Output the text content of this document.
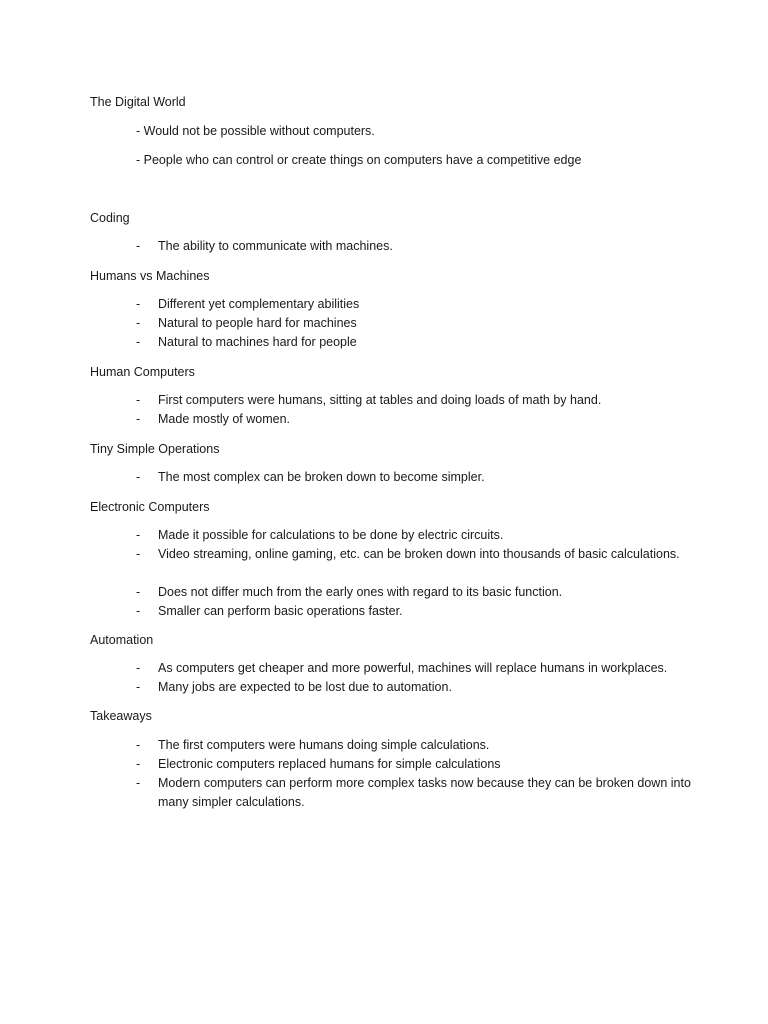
The Digital World
- Would not be possible without computers.
- People who can control or create things on computers have a competitive edge
Coding
- The ability to communicate with machines.
Humans vs Machines
- Different yet complementary abilities
- Natural to people hard for machines
- Natural to machines hard for people
Human Computers
- First computers were humans, sitting at tables and doing loads of math by hand.
- Made mostly of women.
Tiny Simple Operations
- The most complex can be broken down to become simpler.
Electronic Computers
- Made it possible for calculations to be done by electric circuits.
- Video streaming, online gaming, etc. can be broken down into thousands of basic calculations.
- Does not differ much from the early ones with regard to its basic function.
- Smaller can perform basic operations faster.
Automation
- As computers get cheaper and more powerful, machines will replace humans in workplaces.
- Many jobs are expected to be lost due to automation.
Takeaways
- The first computers were humans doing simple calculations.
- Electronic computers replaced humans for simple calculations
- Modern computers can perform more complex tasks now because they can be broken down into many simpler calculations.
